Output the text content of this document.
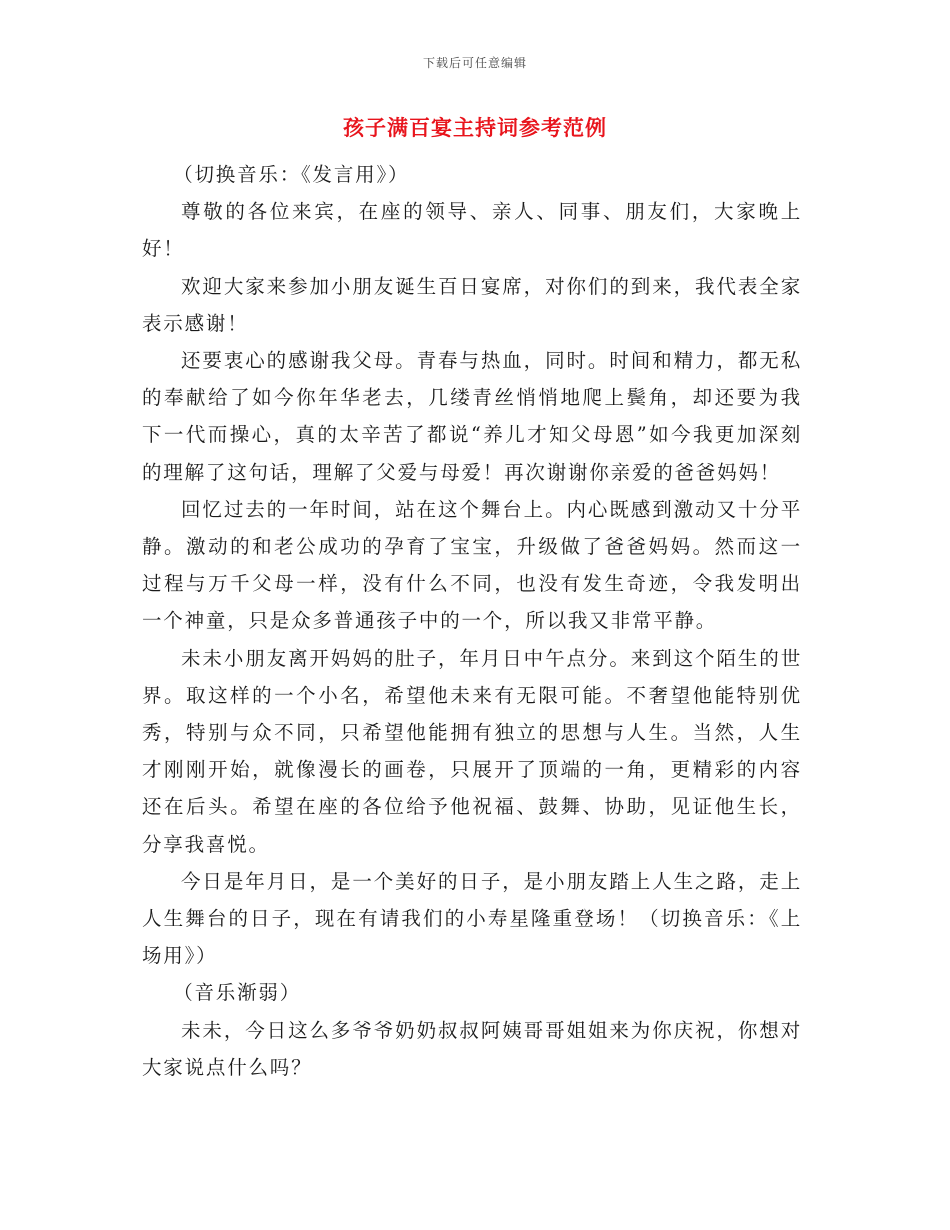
下载后可任意编辑
孩子满百宴主持词参考范例

（切换音乐：《发言用》）

尊敬的各位来宾，在座的领导、亲人、同事、朋友们，大家晚上好！

欢迎大家来参加小朋友诞生百日宴席，对你们的到来，我代表全家表示感谢！

还要衷心的感谢我父母。青春与热血，同时。时间和精力，都无私的奉献给了如今你年华老去，几缕青丝悄悄地爬上鬓角，却还要为我下一代而操心，真的太辛苦了都说“养儿才知父母恩”如今我更加深刻的理解了这句话，理解了父爱与母爱！再次谢谢你亲爱的爸爸妈妈！

回忆过去的一年时间，站在这个舞台上。内心既感到激动又十分平静。激动的和老公成功的孕育了宝宝，升级做了爸爸妈妈。然而这一过程与万千父母一样，没有什么不同，也没有发生奇迹，令我发明出一个神童，只是众多普通孩子中的一个，所以我又非常平静。

未未小朋友离开妈妈的肚子，年月日中午点分。来到这个陌生的世界。取这样的一个小名，希望他未来有无限可能。不奢望他能特别优秀，特别与众不同，只希望他能拥有独立的思想与人生。当然，人生才刚刚开始，就像漫长的画卷，只展开了顶端的一角，更精彩的内容还在后头。希望在座的各位给予他祝福、鼓舞、协助，见证他生长，分享我喜悦。

今日是年月日，是一个美好的日子，是小朋友踏上人生之路，走上人生舞台的日子，现在有请我们的小寿星隆重登场！（切换音乐：《上场用》）

（音乐渐弱）

未未，今日这么多爷爷奶奶叔叔阿姨哥哥姐姐来为你庆祝，你想对大家说点什么吗？
